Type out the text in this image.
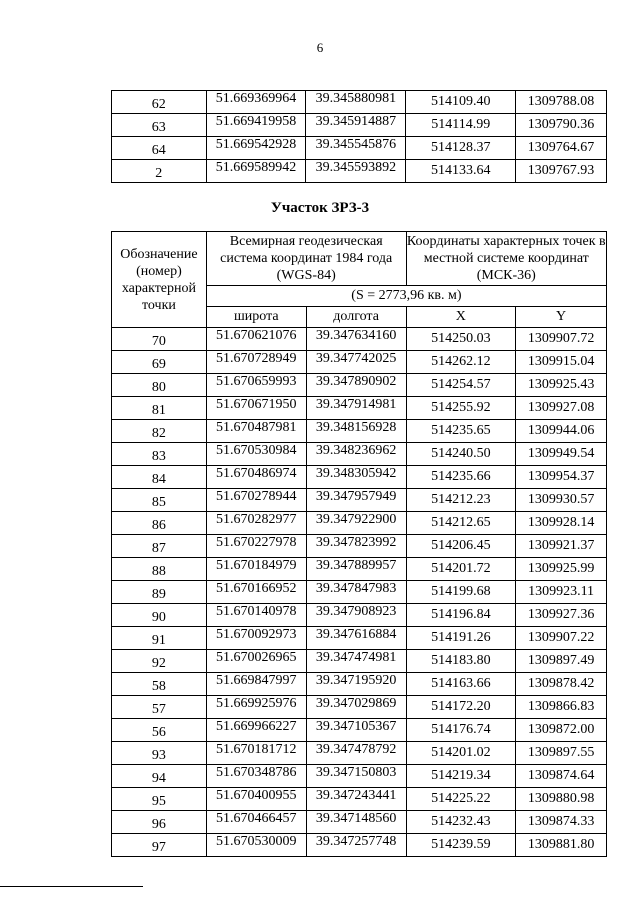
6
62	51.669369964	39.345880981	514109.40	1309788.08
63	51.669419958	39.345914887	514114.99	1309790.36
64	51.669542928	39.345545876	514128.37	1309764.67
2	51.669589942	39.345593892	514133.64	1309767.93
Участок ЗРЗ-3
Обозначение (номер) характерной точки	Всемирная геодезическая система координат 1984 года (WGS-84)		Координаты характерных точек в местной системе координат (МСК-36)	
	(S = 2773,96 кв. м)			
	широта	долгота	X	Y
70	51.670621076	39.347634160	514250.03	1309907.72
69	51.670728949	39.347742025	514262.12	1309915.04
80	51.670659993	39.347890902	514254.57	1309925.43
81	51.670671950	39.347914981	514255.92	1309927.08
82	51.670487981	39.348156928	514235.65	1309944.06
83	51.670530984	39.348236962	514240.50	1309949.54
84	51.670486974	39.348305942	514235.66	1309954.37
85	51.670278944	39.347957949	514212.23	1309930.57
86	51.670282977	39.347922900	514212.65	1309928.14
87	51.670227978	39.347823992	514206.45	1309921.37
88	51.670184979	39.347889957	514201.72	1309925.99
89	51.670166952	39.347847983	514199.68	1309923.11
90	51.670140978	39.347908923	514196.84	1309927.36
91	51.670092973	39.347616884	514191.26	1309907.22
92	51.670026965	39.347474981	514183.80	1309897.49
58	51.669847997	39.347195920	514163.66	1309878.42
57	51.669925976	39.347029869	514172.20	1309866.83
56	51.669966227	39.347105367	514176.74	1309872.00
93	51.670181712	39.347478792	514201.02	1309897.55
94	51.670348786	39.347150803	514219.34	1309874.64
95	51.670400955	39.347243441	514225.22	1309880.98
96	51.670466457	39.347148560	514232.43	1309874.33
97	51.670530009	39.347257748	514239.59	1309881.80
